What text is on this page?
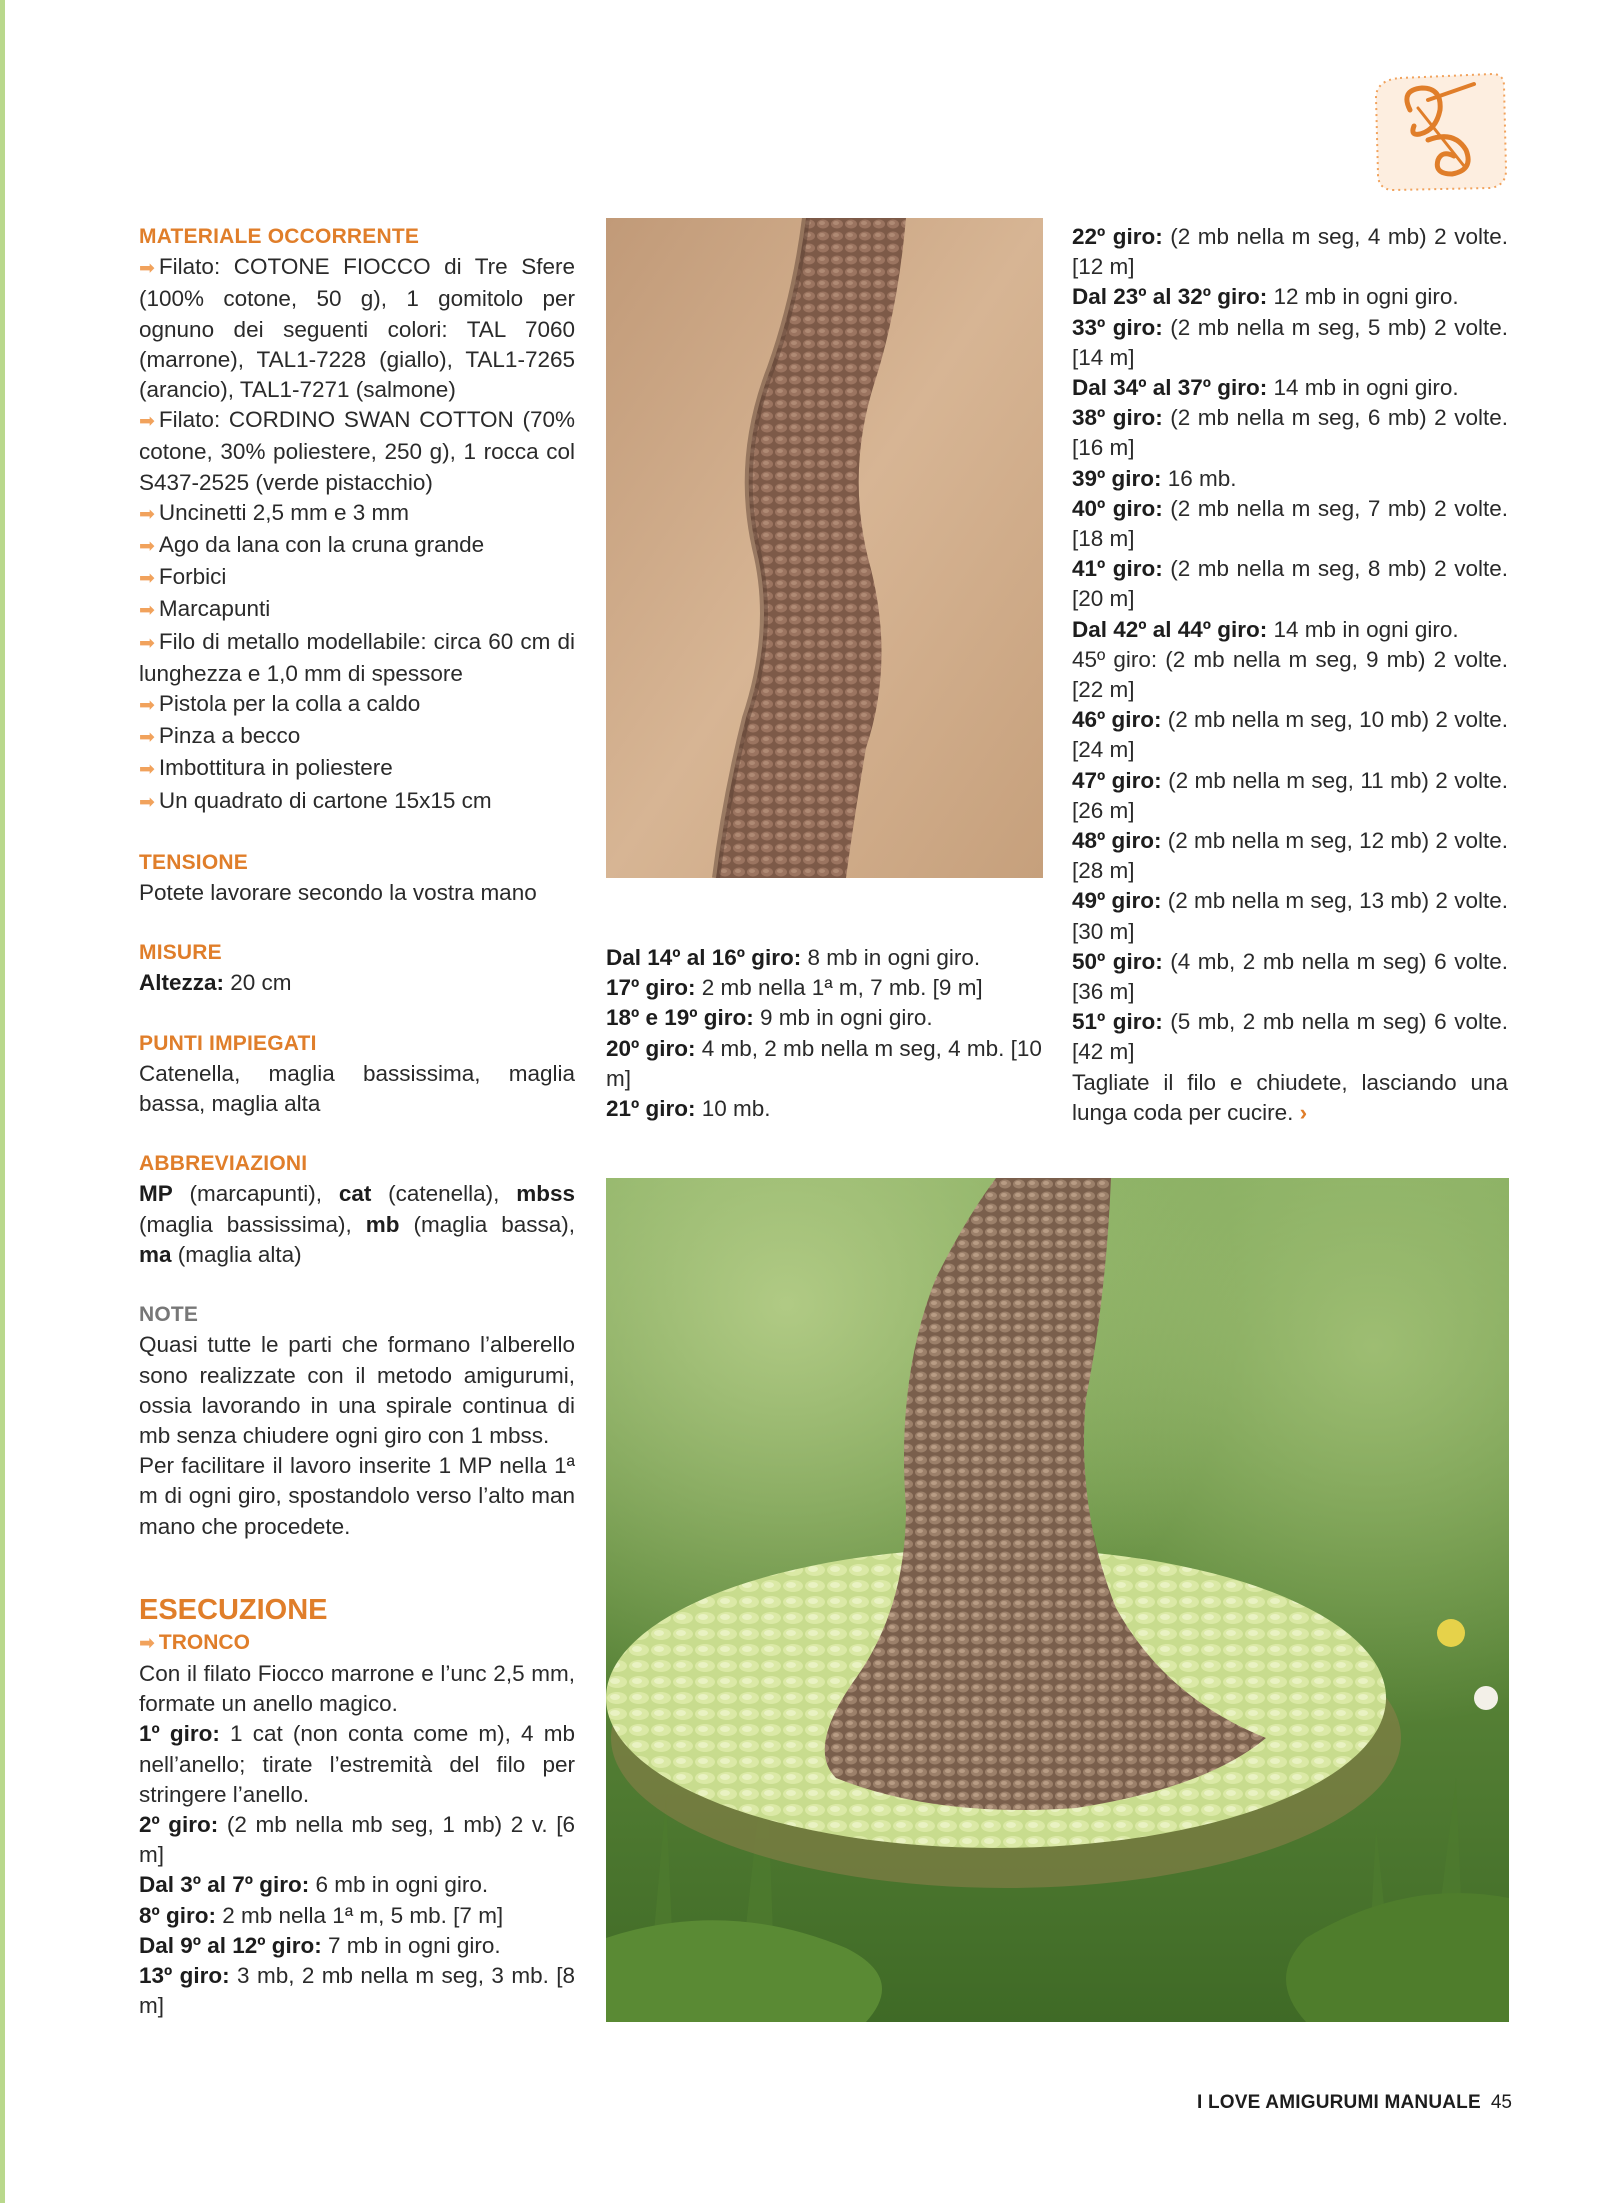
MATERIALE OCCORRENTE

➡ Filato: COTONE FIOCCO di Tre Sfere (100% cotone, 50 g), 1 gomitolo per ognuno dei seguenti colori: TAL 7060 (marrone), TAL1-7228 (giallo), TAL1-7265 (arancio), TAL1-7271 (salmone)

➡ Filato: CORDINO SWAN COTTON (70% cotone, 30% poliestere, 250 g), 1 rocca col S437-2525 (verde pistacchio)

➡ Uncinetti 2,5 mm e 3 mm

➡ Ago da lana con la cruna grande

➡ Forbici

➡ Marcapunti

➡ Filo di metallo modellabile: circa 60 cm di lunghezza e 1,0 mm di spessore

➡ Pistola per la colla a caldo

➡ Pinza a becco

➡ Imbottitura in poliestere

➡ Un quadrato di cartone 15x15 cm

TENSIONE

Potete lavorare secondo la vostra mano

MISURE

Altezza: 20 cm

PUNTI IMPIEGATI

Catenella, maglia bassissima, maglia bassa, maglia alta

ABBREVIAZIONI

MP (marcapunti), cat (catenella), mbss (maglia bassissima), mb (maglia bassa), ma (maglia alta)

NOTE

Quasi tutte le parti che formano l’alberello sono realizzate con il metodo amigurumi, ossia lavorando in una spirale continua di mb senza chiudere ogni giro con 1 mbss.

Per facilitare il lavoro inserite 1 MP nella 1ª m di ogni giro, spostandolo verso l’alto man mano che procedete.

ESECUZIONE

➡ TRONCO

Con il filato Fiocco marrone e l’unc 2,5 mm, formate un anello magico.

1º giro: 1 cat (non conta come m), 4 mb nell’anello; tirate l’estremità del filo per stringere l’anello.

2º giro: (2 mb nella mb seg, 1 mb) 2 v. [6 m]

Dal 3º al 7º giro: 6 mb in ogni giro.

8º giro: 2 mb nella 1ª m, 5 mb. [7 m]

Dal 9º al 12º giro: 7 mb in ogni giro.

13º giro: 3 mb, 2 mb nella m seg, 3 mb. [8 m]

Dal 14º al 16º giro: 8 mb in ogni giro.

17º giro: 2 mb nella 1ª m, 7 mb. [9 m]

18º e 19º giro: 9 mb in ogni giro.

20º giro: 4 mb, 2 mb nella m seg, 4 mb. [10 m]

21º giro: 10 mb.

22º giro: (2 mb nella m seg, 4 mb) 2 volte. [12 m]

Dal 23º al 32º giro: 12 mb in ogni giro.

33º giro: (2 mb nella m seg, 5 mb) 2 volte. [14 m]

Dal 34º al 37º giro: 14 mb in ogni giro.

38º giro: (2 mb nella m seg, 6 mb) 2 volte. [16 m]

39º giro: 16 mb.

40º giro: (2 mb nella m seg, 7 mb) 2 volte. [18 m]

41º giro: (2 mb nella m seg, 8 mb) 2 volte. [20 m]

Dal 42º al 44º giro: 14 mb in ogni giro.

45º giro: (2 mb nella m seg, 9 mb) 2 volte. [22 m]

46º giro: (2 mb nella m seg, 10 mb) 2 volte. [24 m]

47º giro: (2 mb nella m seg, 11 mb) 2 volte. [26 m]

48º giro: (2 mb nella m seg, 12 mb) 2 volte. [28 m]

49º giro: (2 mb nella m seg, 13 mb) 2 volte. [30 m]

50º giro: (4 mb, 2 mb nella m seg) 6 volte. [36 m]

51º giro: (5 mb, 2 mb nella m seg) 6 volte. [42 m]

Tagliate il filo e chiudete, lasciando una lunga coda per cucire. ›

I LOVE AMIGURUMI MANUALE 45
